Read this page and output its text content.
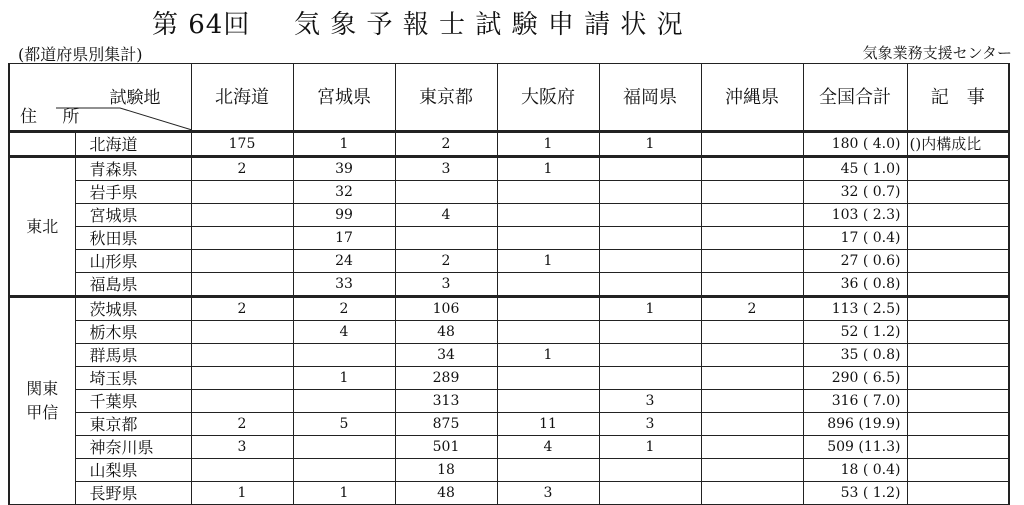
第 64回 気 象 予 報 士 試 験 申 請 状 況
(都道府県別集計)	気象業務支援センター
試験地
住 所		北海道	宮城県	東京都	大阪府	福岡県	沖縄県	全国合計	記　事
	北海道	175	1	2	1	1		180 ( 4.0)	()内構成比
東北	青森県	2	39	3	1			45 ( 1.0)	
	岩手県		32					32 ( 0.7)	
	宮城県		99	4				103 ( 2.3)	
	秋田県		17					17 ( 0.4)	
	山形県		24	2	1			27 ( 0.6)	
	福島県		33	3				36 ( 0.8)	
関東
甲信	茨城県	2	2	106		1	2	113 ( 2.5)	
	栃木県		4	48				52 ( 1.2)	
	群馬県			34	1			35 ( 0.8)	
	埼玉県		1	289				290 ( 6.5)	
	千葉県			313		3		316 ( 7.0)	
	東京都	2	5	875	11	3		896 (19.9)	
	神奈川県	3		501	4	1		509 (11.3)	
	山梨県			18				18 ( 0.4)	
	長野県	1	1	48	3			53 ( 1.2)	
